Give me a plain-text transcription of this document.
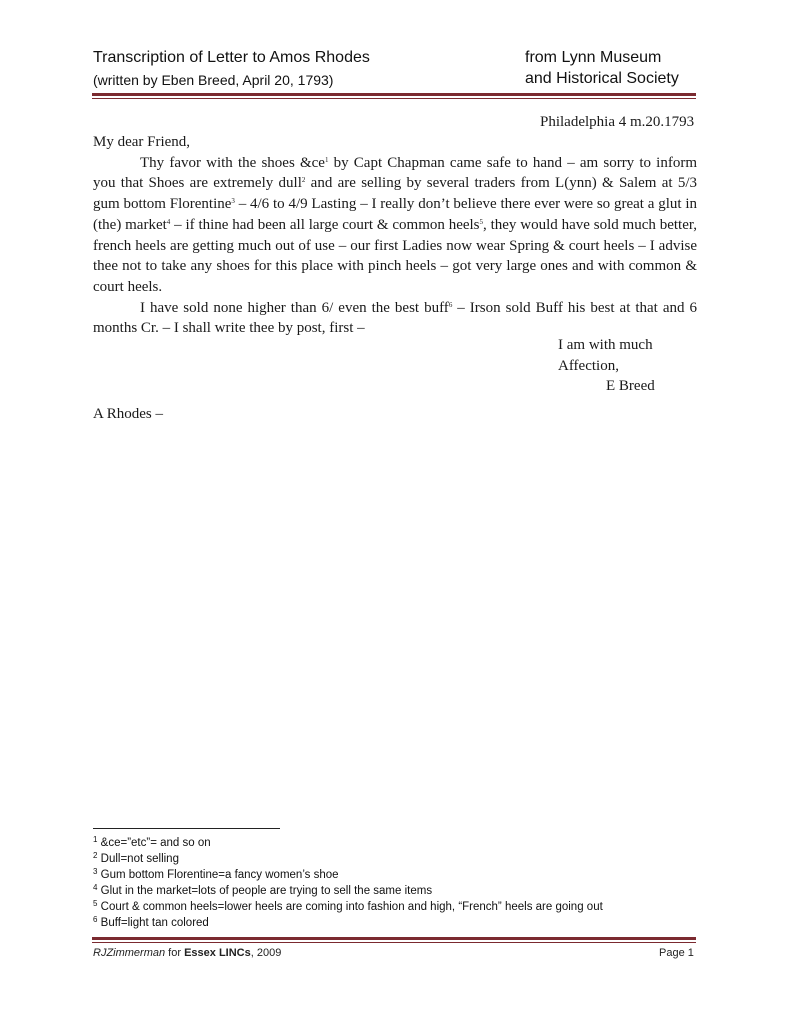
Transcription of Letter to Amos Rhodes
(written by Eben Breed, April 20, 1793)
from Lynn Museum
and Historical Society
Philadelphia 4 m.20.1793

My dear Friend,

Thy favor with the shoes $\&ce^1$ by Capt Chapman came safe to hand – am sorry to inform you that Shoes are extremely dull$^2$ and are selling by several traders from L(ynn) & Salem at 5/3 gum bottom Florentine$^3$ – 4/6 to 4/9 Lasting – I really don’t believe there ever were so great a glut in (the) market$^4$ – if thine had been all large court & common heels$^5$, they would have sold much better, french heels are getting much out of use – our first Ladies now wear Spring & court heels – I advise thee not to take any shoes for this place with pinch heels – got very large ones and with common & court heels.

I have sold none higher than 6/ even the best buff$^6$ – Irson sold Buff his best at that and 6 months Cr. – I shall write thee by post, first –

I am with much
Affection,
E Breed
A Rhodes –
$^1$ &ce=”etc”= and so on
$^2$ Dull=not selling
$^3$ Gum bottom Florentine=a fancy women’s shoe
$^4$ Glut in the market=lots of people are trying to sell the same items
$^5$ Court & common heels=lower heels are coming into fashion and high, “French” heels are going out
$^6$ Buff=light tan colored
RJZimmerman for Essex LINCs, 2009	Page 1
